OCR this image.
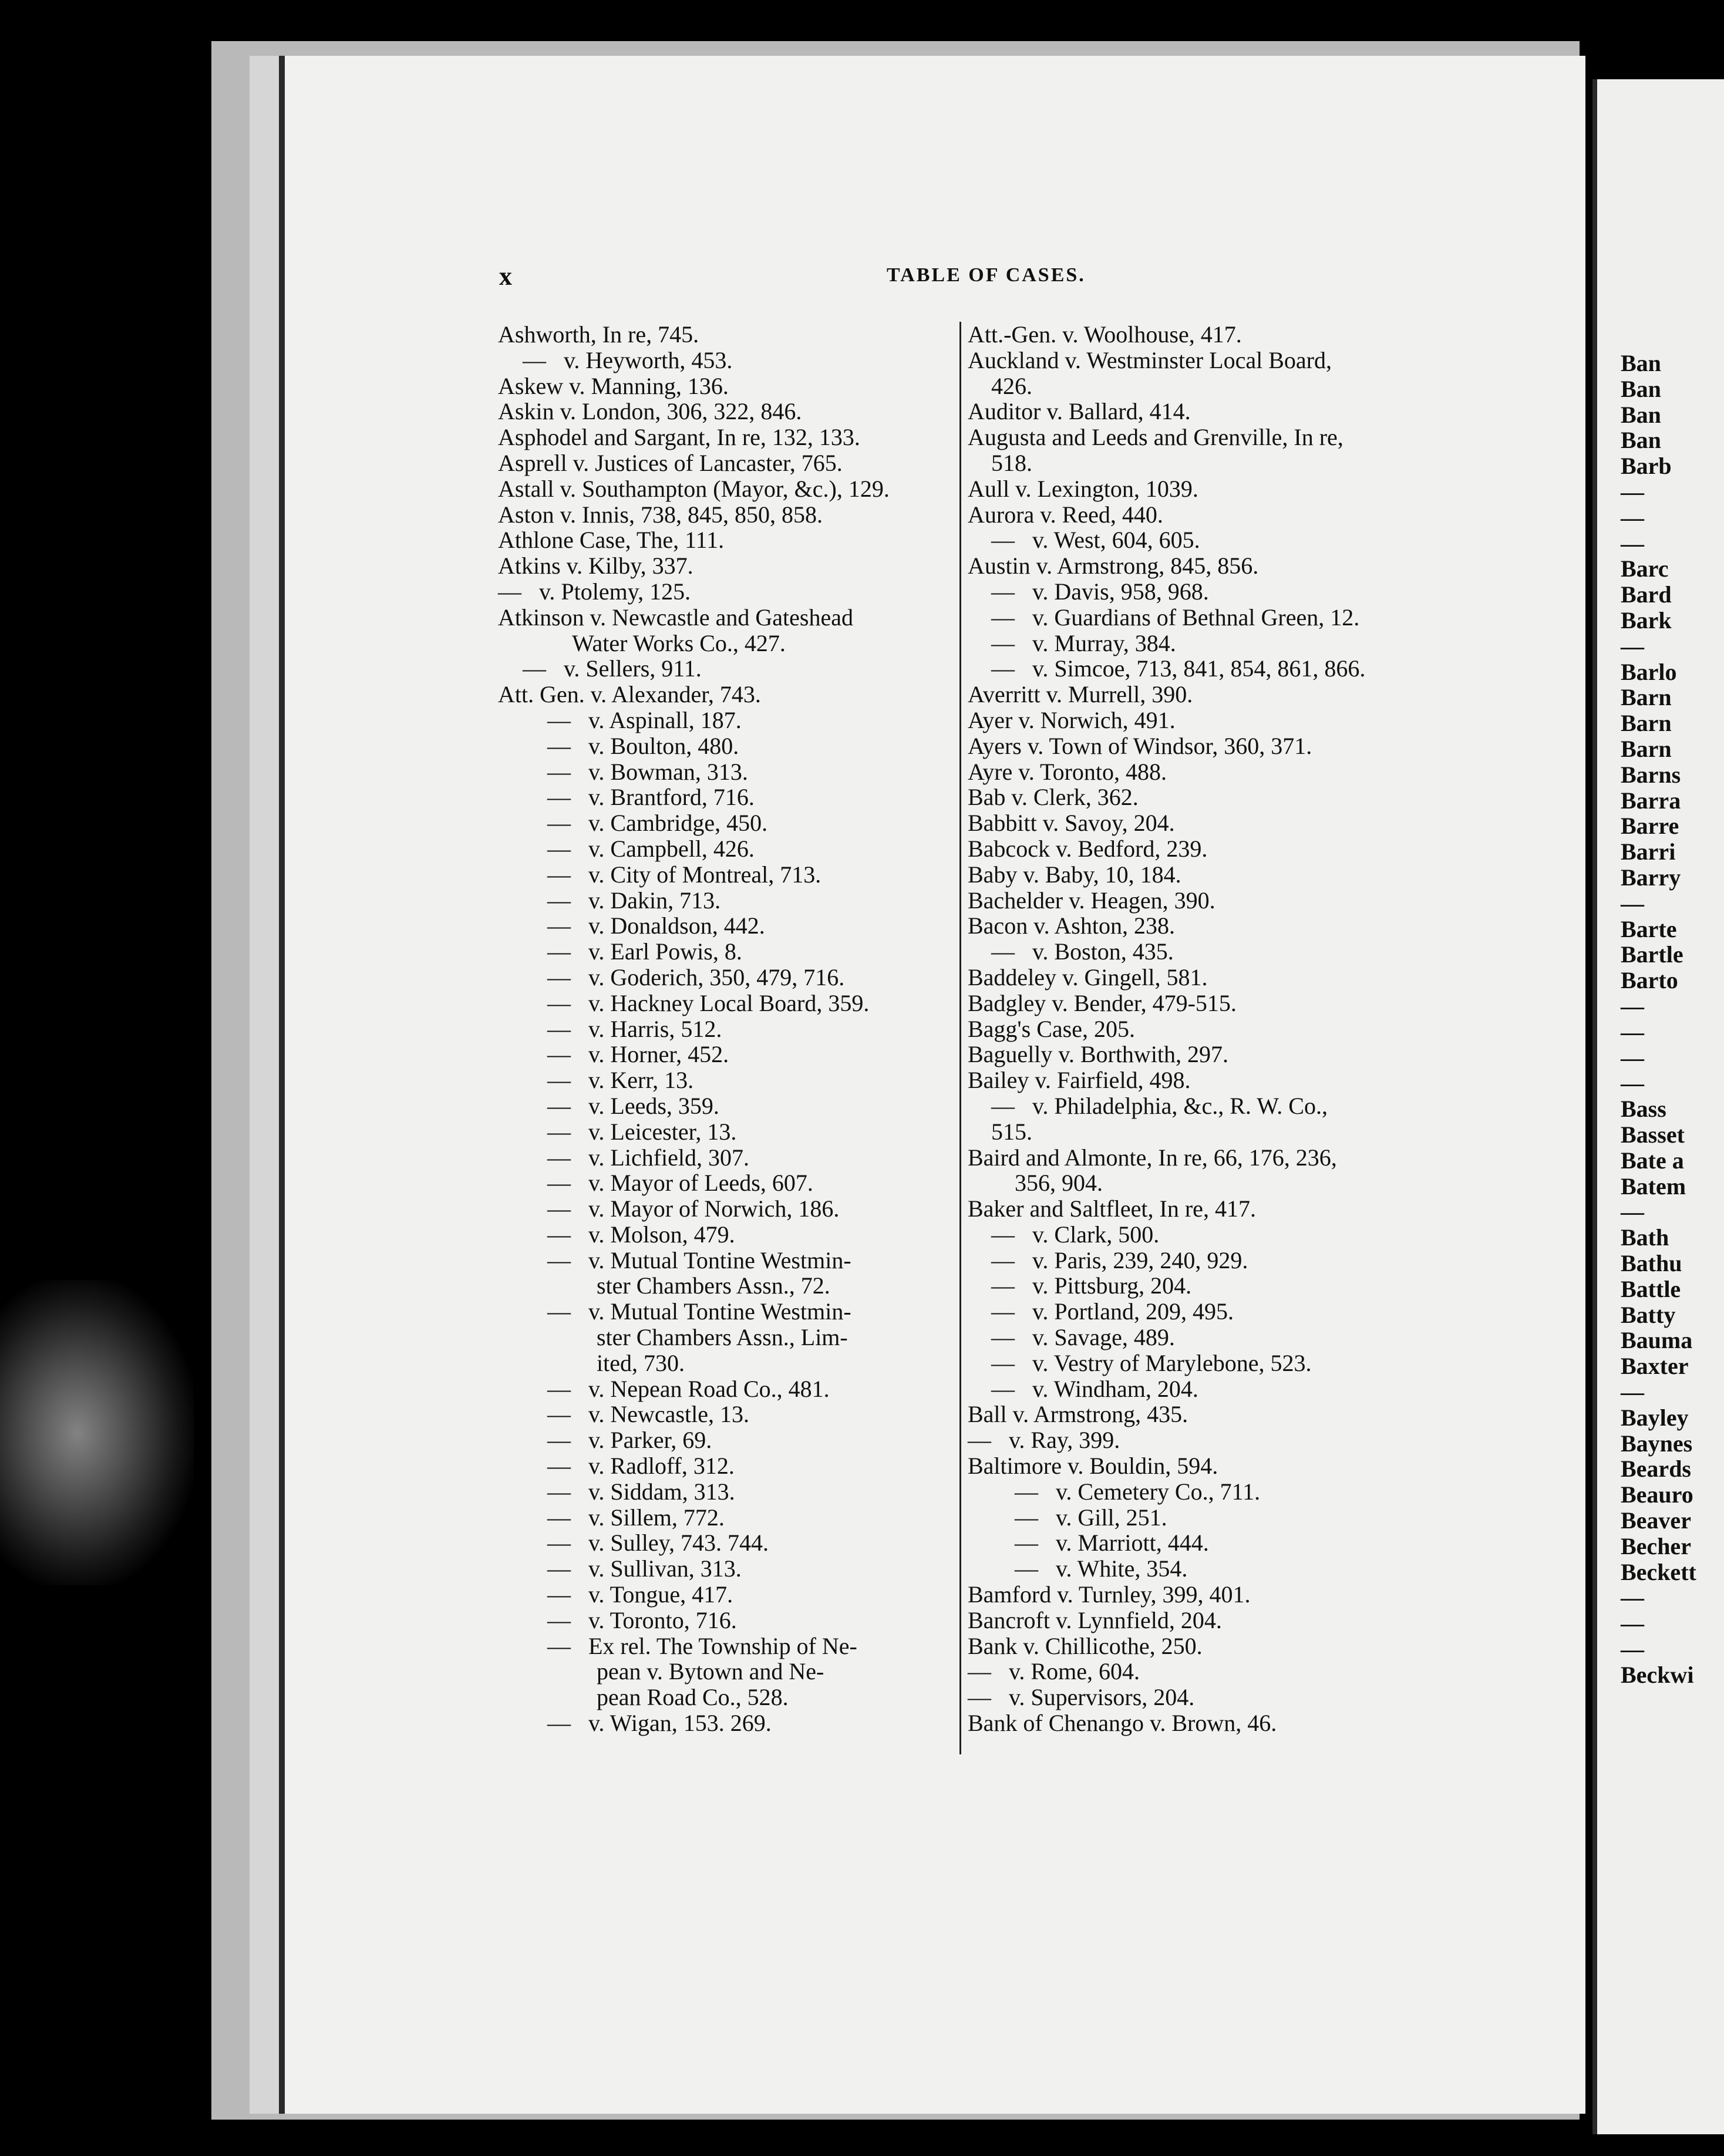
Ban
Ban
Ban
Ban
Barb
—
—
—
Barc
Bard
Bark
—
Barlo
Barn
Barn
Barn
Barns
Barra
Barre
Barri
Barry
—
Barte
Bartle
Barto
—
—
—
—
Bass
Basset
Bate a
Batem
—
Bath
Bathu
Battle
Batty
Bauma
Baxter
—
Bayley
Baynes
Beards
Beauro
Beaver
Becher
Beckett
—
—
—
Beckwi
x	TABLE OF CASES.
Ashworth, In re, 745.
— v. Heyworth, 453.
Askew v. Manning, 136.
Askin v. London, 306, 322, 846.
Asphodel and Sargant, In re, 132, 133.
Asprell v. Justices of Lancaster, 765.
Astall v. Southampton (Mayor, &c.), 129.
Aston v. Innis, 738, 845, 850, 858.
Athlone Case, The, 111.
Atkins v. Kilby, 337.
— v. Ptolemy, 125.
Atkinson v. Newcastle and Gateshead
Water Works Co., 427.
— v. Sellers, 911.
Att. Gen. v. Alexander, 743.
— v. Aspinall, 187.
— v. Boulton, 480.
— v. Bowman, 313.
— v. Brantford, 716.
— v. Cambridge, 450.
— v. Campbell, 426.
— v. City of Montreal, 713.
— v. Dakin, 713.
— v. Donaldson, 442.
— v. Earl Powis, 8.
— v. Goderich, 350, 479, 716.
— v. Hackney Local Board, 359.
— v. Harris, 512.
— v. Horner, 452.
— v. Kerr, 13.
— v. Leeds, 359.
— v. Leicester, 13.
— v. Lichfield, 307.
— v. Mayor of Leeds, 607.
— v. Mayor of Norwich, 186.
— v. Molson, 479.
— v. Mutual Tontine Westmin-
ster Chambers Assn., 72.
— v. Mutual Tontine Westmin-
ster Chambers Assn., Lim-
ited, 730.
— v. Nepean Road Co., 481.
— v. Newcastle, 13.
— v. Parker, 69.
— v. Radloff, 312.
— v. Siddam, 313.
— v. Sillem, 772.
— v. Sulley, 743. 744.
— v. Sullivan, 313.
— v. Tongue, 417.
— v. Toronto, 716.
— Ex rel. The Township of Ne-
pean v. Bytown and Ne-
pean Road Co., 528.
— v. Wigan, 153. 269.
Att.-Gen. v. Woolhouse, 417.
Auckland v. Westminster Local Board,
426.
Auditor v. Ballard, 414.
Augusta and Leeds and Grenville, In re,
518.
Aull v. Lexington, 1039.
Aurora v. Reed, 440.
— v. West, 604, 605.
Austin v. Armstrong, 845, 856.
— v. Davis, 958, 968.
— v. Guardians of Bethnal Green, 12.
— v. Murray, 384.
— v. Simcoe, 713, 841, 854, 861, 866.
Averritt v. Murrell, 390.
Ayer v. Norwich, 491.
Ayers v. Town of Windsor, 360, 371.
Ayre v. Toronto, 488.
Bab v. Clerk, 362.
Babbitt v. Savoy, 204.
Babcock v. Bedford, 239.
Baby v. Baby, 10, 184.
Bachelder v. Heagen, 390.
Bacon v. Ashton, 238.
— v. Boston, 435.
Baddeley v. Gingell, 581.
Badgley v. Bender, 479-515.
Bagg's Case, 205.
Baguelly v. Borthwith, 297.
Bailey v. Fairfield, 498.
— v. Philadelphia, &c., R. W. Co.,
515.
Baird and Almonte, In re, 66, 176, 236,
356, 904.
Baker and Saltfleet, In re, 417.
— v. Clark, 500.
— v. Paris, 239, 240, 929.
— v. Pittsburg, 204.
— v. Portland, 209, 495.
— v. Savage, 489.
— v. Vestry of Marylebone, 523.
— v. Windham, 204.
Ball v. Armstrong, 435.
— v. Ray, 399.
Baltimore v. Bouldin, 594.
— v. Cemetery Co., 711.
— v. Gill, 251.
— v. Marriott, 444.
— v. White, 354.
Bamford v. Turnley, 399, 401.
Bancroft v. Lynnfield, 204.
Bank v. Chillicothe, 250.
— v. Rome, 604.
— v. Supervisors, 204.
Bank of Chenango v. Brown, 46.
